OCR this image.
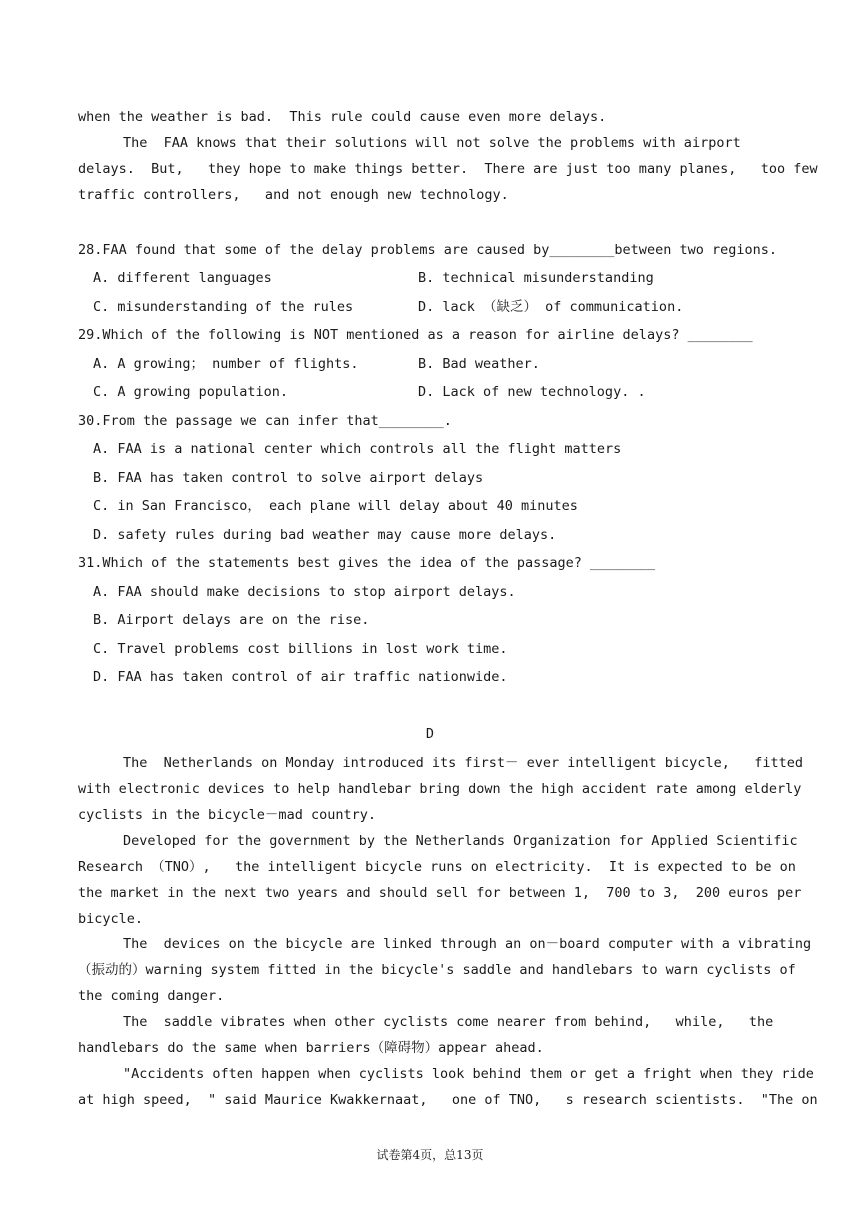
when the weather is bad.  This rule could cause even more delays.
The  FAA knows that their solutions will not solve the problems with airport
delays.  But,   they hope to make things better.  There are just too many planes,   too few
traffic controllers,   and not enough new technology.
28.FAA found that some of the delay problems are caused by________between two regions.
A. different languages	B. technical misunderstanding
C. misunderstanding of the rules	D. lack （缺乏） of communication.
29.Which of the following is NOT mentioned as a reason for airline delays? ________
A. A growing； number of flights.	B. Bad weather.
C. A growing population.	D. Lack of new technology. .
30.From the passage we can infer that________.
A. FAA is a national center which controls all the flight matters
B. FAA has taken control to solve airport delays
C. in San Francisco， each plane will delay about 40 minutes
D. safety rules during bad weather may cause more delays.
31.Which of the statements best gives the idea of the passage? ________
A. FAA should make decisions to stop airport delays.
B. Airport delays are on the rise.
C. Travel problems cost billions in lost work time.
D. FAA has taken control of air traffic nationwide.
D
The  Netherlands on Monday introduced its first－ ever intelligent bicycle,   fitted
with electronic devices to help handlebar bring down the high accident rate among elderly
cyclists in the bicycle－mad country.
Developed for the government by the Netherlands Organization for Applied Scientific
Research （TNO）,   the intelligent bicycle runs on electricity.  It is expected to be on
the market in the next two years and should sell for between 1,  700 to 3,  200 euros per
bicycle.
The  devices on the bicycle are linked through an on－board computer with a vibrating
（振动的）warning system fitted in the bicycle's saddle and handlebars to warn cyclists of
the coming danger.
The  saddle vibrates when other cyclists come nearer from behind,   while,   the
handlebars do the same when barriers（障碍物）appear ahead.
"Accidents often happen when cyclists look behind them or get a fright when they ride
at high speed,  " said Maurice Kwakkernaat,   one of TNO,   s research scientists.  "The on
试卷第4页，总13页
